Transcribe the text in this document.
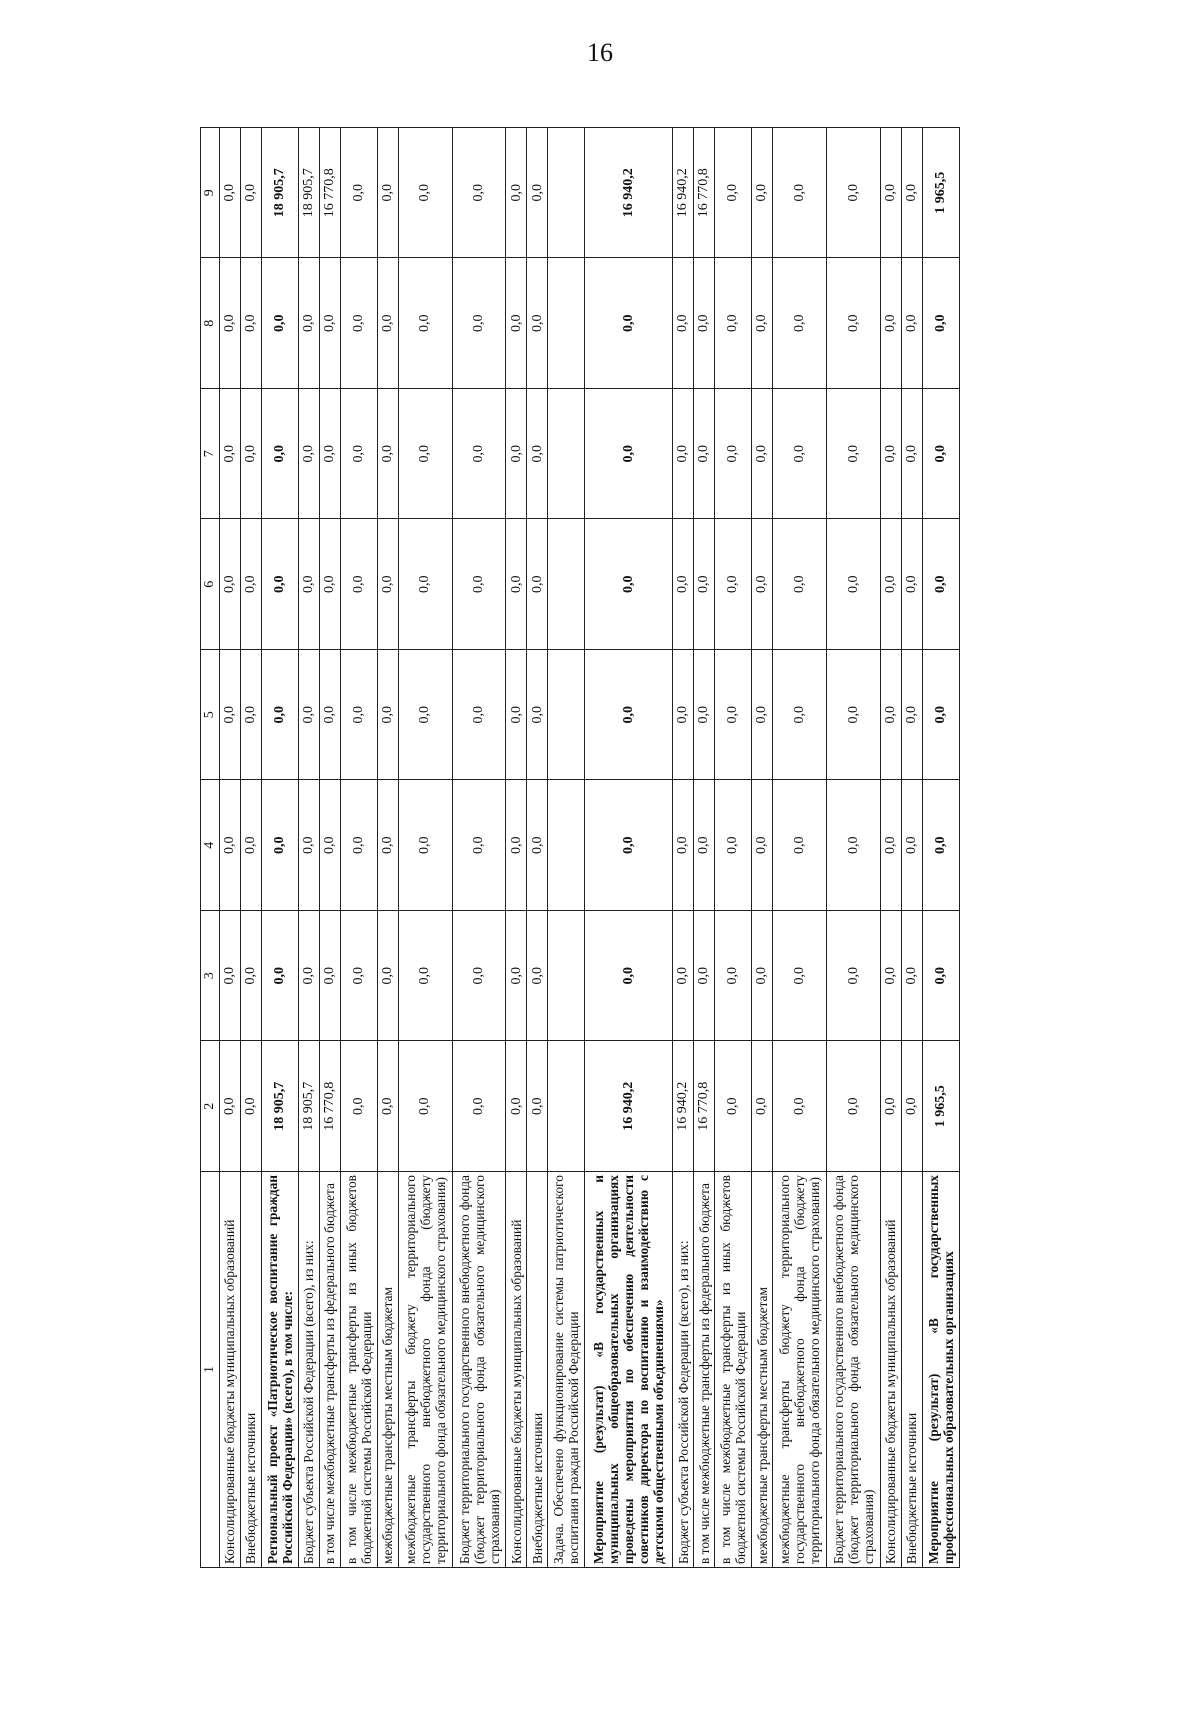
16
1	2	3	4	5	6	7	8	9
Консолидированные бюджеты муниципальных образований	0,0	0,0	0,0	0,0	0,0	0,0	0,0	0,0
Внебюджетные источники	0,0	0,0	0,0	0,0	0,0	0,0	0,0	0,0
Региональный проект «Патриотическое воспитание граждан Российской Федерации» (всего), в том числе:	18 905,7	0,0	0,0	0,0	0,0	0,0	0,0	18 905,7
Бюджет субъекта Российской Федерации (всего), из них:	18 905,7	0,0	0,0	0,0	0,0	0,0	0,0	18 905,7
в том числе межбюджетные трансферты из федерального бюджета	16 770,8	0,0	0,0	0,0	0,0	0,0	0,0	16 770,8
в том числе межбюджетные трансферты из иных бюджетов бюджетной системы Российской Федерации	0,0	0,0	0,0	0,0	0,0	0,0	0,0	0,0
межбюджетные трансферты местным бюджетам	0,0	0,0	0,0	0,0	0,0	0,0	0,0	0,0
межбюджетные трансферты бюджету территориального государственного внебюджетного фонда (бюджету территориального фонда обязательного медицинского страхования)	0,0	0,0	0,0	0,0	0,0	0,0	0,0	0,0
Бюджет территориального государственного внебюджетного фонда (бюджет территориального фонда обязательного медицинского страхования)	0,0	0,0	0,0	0,0	0,0	0,0	0,0	0,0
Консолидированные бюджеты муниципальных образований	0,0	0,0	0,0	0,0	0,0	0,0	0,0	0,0
Внебюджетные источники	0,0	0,0	0,0	0,0	0,0	0,0	0,0	0,0
Задача. Обеспечено функционирование системы патриотического воспитания граждан Российской Федерации								
Мероприятие (результат) «В государственных и муниципальных общеобразовательных организациях проведены мероприятия по обеспечению деятельности советников директора по воспитанию и взаимодействию с детскими общественными объединениями»	16 940,2	0,0	0,0	0,0	0,0	0,0	0,0	16 940,2
Бюджет субъекта Российской Федерации (всего), из них:	16 940,2	0,0	0,0	0,0	0,0	0,0	0,0	16 940,2
в том числе межбюджетные трансферты из федерального бюджета	16 770,8	0,0	0,0	0,0	0,0	0,0	0,0	16 770,8
в том числе межбюджетные трансферты из иных бюджетов бюджетной системы Российской Федерации	0,0	0,0	0,0	0,0	0,0	0,0	0,0	0,0
межбюджетные трансферты местным бюджетам	0,0	0,0	0,0	0,0	0,0	0,0	0,0	0,0
межбюджетные трансферты бюджету территориального государственного внебюджетного фонда (бюджету территориального фонда обязательного медицинского страхования)	0,0	0,0	0,0	0,0	0,0	0,0	0,0	0,0
Бюджет территориального государственного внебюджетного фонда (бюджет территориального фонда обязательного медицинского страхования)	0,0	0,0	0,0	0,0	0,0	0,0	0,0	0,0
Консолидированные бюджеты муниципальных образований	0,0	0,0	0,0	0,0	0,0	0,0	0,0	0,0
Внебюджетные источники	0,0	0,0	0,0	0,0	0,0	0,0	0,0	0,0
Мероприятие (результат) «В государственных профессиональных образовательных организациях	1 965,5	0,0	0,0	0,0	0,0	0,0	0,0	1 965,5
